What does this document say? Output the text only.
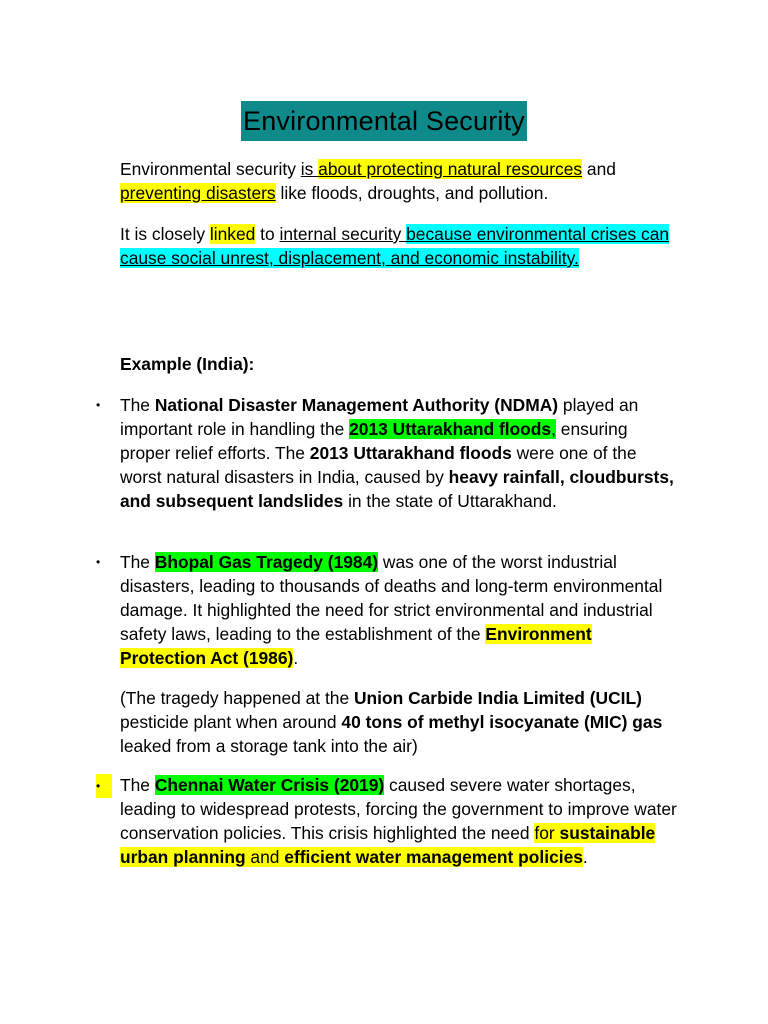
Environmental Security
Environmental security is about protecting natural resources and preventing disasters like floods, droughts, and pollution.
It is closely linked to internal security because environmental crises can cause social unrest, displacement, and economic instability.
Example (India):
• The National Disaster Management Authority (NDMA) played an important role in handling the 2013 Uttarakhand floods, ensuring proper relief efforts. The 2013 Uttarakhand floods were one of the worst natural disasters in India, caused by heavy rainfall, cloudbursts, and subsequent landslides in the state of Uttarakhand.
• The Bhopal Gas Tragedy (1984) was one of the worst industrial disasters, leading to thousands of deaths and long-term environmental damage. It highlighted the need for strict environmental and industrial safety laws, leading to the establishment of the Environment Protection Act (1986).
(The tragedy happened at the Union Carbide India Limited (UCIL) pesticide plant when around 40 tons of methyl isocyanate (MIC) gas leaked from a storage tank into the air)
•	The Chennai Water Crisis (2019) caused severe water shortages, leading to widespread protests, forcing the government to improve water conservation policies. This crisis highlighted the need for sustainable urban planning and efficient water management policies.
